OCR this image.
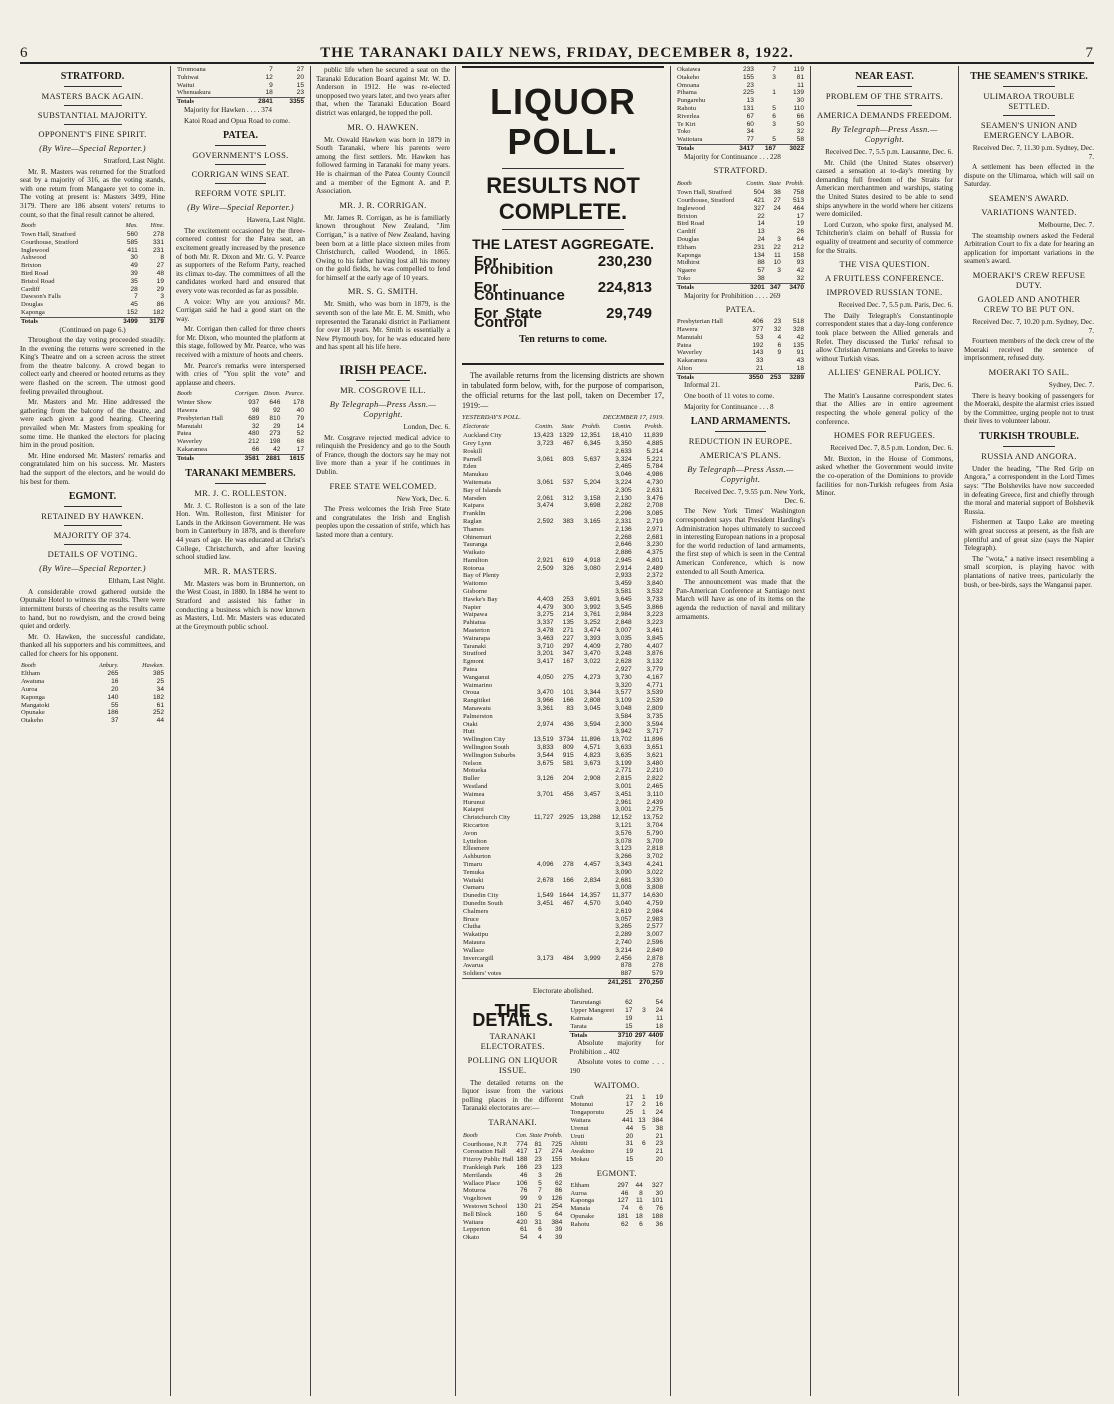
6	THE TARANAKI DAILY NEWS, FRIDAY, DECEMBER 8, 1922.	7
STRATFORD.
MASTERS BACK AGAIN.
SUBSTANTIAL MAJORITY.
OPPONENT'S FINE SPIRIT.
(By Wire—Special Reporter.)

Stratford, Last Night.

Mr. R. Masters was returned for the Stratford seat by a majority of 316, as the voting stands, with one return from Mangaere yet to come in. The voting at present is: Masters 3499, Hine 3179. There are 186 absent voters' returns to count, so that the final result cannot be altered.

Booth	Mas.	Hine.
Town Hall, Stratford	560	278
Courthouse, Stratford	585	331
Inglewood	411	231
Ashwood	30	8
Brixton	49	27
Bird Road	39	48
Bristol Road	35	19
Cardiff	28	29
Dawson's Falls	7	3
Douglas	45	86
Kaponga	152	182
Totals	3499	3179

(Continued on page 6.)

Throughout the day voting proceeded steadily. In the evening the returns were screened in the King's Theatre and on a screen across the street from the theatre balcony. A crowd began to collect early and cheered or hooted returns as they were flashed on the screen. The utmost good feeling prevailed throughout.

Mr. Masters and Mr. Hine addressed the gathering from the balcony of the theatre, and were each given a good hearing. Cheering prevailed when Mr. Masters from speaking for some time. He thanked the electors for placing him in the proud position.

Mr. Hine endorsed Mr. Masters' remarks and congratulated him on his success. Mr. Masters had the support of the electors, and he would do his best for them.

EGMONT.
RETAINED BY HAWKEN.
MAJORITY OF 374.
DETAILS OF VOTING.
(By Wire—Special Reporter.)

Eltham, Last Night.

A considerable crowd gathered outside the Opunake Hotel to witness the results. There were intermittent bursts of cheering as the results came to hand, but no rowdyism, and the crowd being quiet and orderly.

Mr. O. Hawken, the successful candidate, thanked all his supporters and his committees, and called for cheers for his opponent.

Booth	Anbury.	Hawken.
Eltham	265	385
Awatuna	16	25
Auroa	20	34
Kaponga	140	182
Mangatoki	55	61
Opunake	186	252
Otakeho	37	44
Tiromoana	7	27
Tuhiwai	12	20
Waitui	9	15
Whenuakura	18	23
Totals	2841	3355

Majority for Hawken . . . . 374

Katoi Road and Opua Road to come.

PATEA.
GOVERNMENT'S LOSS.
CORRIGAN WINS SEAT.
REFORM VOTE SPLIT.
(By Wire—Special Reporter.)

Hawera, Last Night.

The excitement occasioned by the three-cornered contest for the Patea seat, an excitement greatly increased by the presence of both Mr. R. Dixon and Mr. G. V. Pearce as supporters of the Reform Party, reached its climax to-day. The committees of all the candidates worked hard and ensured that every vote was recorded as far as possible.

A voice: Why are you anxious? Mr. Corrigan said he had a good start on the way.

Mr. Corrigan then called for three cheers for Mr. Dixon, who mounted the platform at this stage, followed by Mr. Pearce, who was received with a mixture of hoots and cheers.

Mr. Pearce's remarks were interspersed with cries of "You split the vote" and applause and cheers.

Booth	Corrigan.	Dixon.	Pearce.
Winter Show	937	646	178
Hawera	98	92	40
Presbyterian Hall	689	810	79
Manutahi	32	29	14
Patea	480	273	52
Waverley	212	198	68
Kakaramea	66	42	17
Totals	3581	2881	1615
TARANAKI MEMBERS.
MR. J. C. ROLLESTON.

Mr. J. C. Rolleston is a son of the late Hon. Wm. Rolleston, first Minister for Lands in the Atkinson Government. He was born in Canterbury in 1878, and is therefore 44 years of age. He was educated at Christ's College, Christchurch, and after leaving school studied law.

MR. R. MASTERS.

Mr. Masters was born in Brunnerton, on the West Coast, in 1880. In 1884 he went to Stratford and assisted his father in conducting a business which is now known as Masters, Ltd. Mr. Masters was educated at the Greymouth public school.

public life when he secured a seat on the Taranaki Education Board against Mr. W. D. Anderson in 1912. He was re-elected unopposed two years later, and two years after that, when the Taranaki Education Board district was enlarged, he topped the poll.

MR. O. HAWKEN.

Mr. Oswald Hawken was born in 1879 in South Taranaki, where his parents were among the first settlers. Mr. Hawken has followed farming in Taranaki for many years. He is chairman of the Patea County Council and a member of the Egmont A. and P. Association.

MR. J. R. CORRIGAN.

Mr. James R. Corrigan, as he is familiarly known throughout New Zealand, "Jim Corrigan," is a native of New Zealand, having been born at a little place sixteen miles from Christchurch, called Woodend, in 1865. Owing to his father having lost all his money on the gold fields, he was compelled to fend for himself at the early age of 10 years.

MR. S. G. SMITH.

Mr. Smith, who was born in 1879, is the seventh son of the late Mr. E. M. Smith, who represented the Taranaki district in Parliament for over 18 years. Mr. Smith is essentially a New Plymouth boy, for he was educated here and has spent all his life here.

IRISH PEACE.
MR. COSGROVE ILL.
By Telegraph—Press Assn.—Copyright.

London, Dec. 6.

Mr. Cosgrave rejected medical advice to relinquish the Presidency and go to the South of France, though the doctors say he may not live more than a year if he continues in Dublin.

FREE STATE WELCOMED.

New York, Dec. 6.

The Press welcomes the Irish Free State and congratulates the Irish and English peoples upon the cessation of strife, which has lasted more than a century.

LIQUOR POLL.
RESULTS NOT COMPLETE.
THE LATEST AGGREGATE.
For Prohibition
230,230
For Continuance
224,813
For State Control
29,749
Ten returns to come.

The available returns from the licensing districts are shown in tabulated form below, with, for the purpose of comparison, the official returns for the last poll, taken on December 17, 1919:—

YESTERDAY'S POLL.	DECEMBER 17, 1919.
Electorate	Contin.	State	Prohib.	Contin.	Prohib.
Auckland City	13,423	1329	12,351	18,410	11,839
Grey Lynn	3,723	467	6,345	3,350	4,885
Roskill				2,633	5,214
Parnell	3,061	803	5,637	3,324	5,221
Eden				2,465	5,784
Manukau				3,046	4,986
Waitemata	3,061	537	5,204	3,224	4,730
Bay of Islands				2,305	2,631
Marsden	2,061	312	3,158	2,130	3,476
Kaipara	3,474		3,698	2,282	2,708
Franklin				2,296	3,085
Raglan	2,592	383	3,165	2,331	2,719
Thames				2,136	2,971
Ohinemuri				2,268	2,681
Tauranga				2,646	3,230
Waikato				2,886	4,375
Hamilton	2,921	619	4,918	2,945	4,801
Rotorua	2,509	326	3,080	2,914	2,489
Bay of Plenty				2,933	2,372
Waitomo				3,459	3,840
Gisborne				3,581	3,532
Hawke's Bay	4,403	253	3,691	3,645	3,733
Napier	4,479	300	3,992	3,545	3,866
Waipawa	3,275	214	3,761	2,984	3,223
Pahiatua	3,337	135	3,252	2,848	3,223
Masterton	3,478	271	3,474	3,007	3,461
Wairarapa	3,463	227	3,393	3,035	3,845
Taranaki	3,710	297	4,409	2,780	4,407
Stratford	3,201	347	3,470	3,248	3,876
Egmont	3,417	167	3,022	2,628	3,132
Patea				2,927	3,779
Wanganui	4,050	275	4,273	3,730	4,167
Waimarino				3,320	4,771
Oroua	3,470	101	3,344	3,577	3,539
Rangitikei	3,966	166	2,808	3,109	2,539
Manawatu	3,361	83	3,045	3,048	2,809
Palmerston				3,584	3,735
Otaki	2,974	436	3,594	2,300	3,594
Hutt				3,942	3,717
Wellington City	13,519	3734	11,896	13,702	11,896
Wellington South	3,833	809	4,571	3,633	3,651
Wellington Suburbs	3,544	915	4,823	3,635	3,621
Nelson	3,675	581	3,673	3,199	3,480
Motueka				2,771	2,210
Buller	3,126	204	2,908	2,815	2,822
Westland				3,001	2,465
Waimea	3,701	456	3,457	3,451	3,110
Hurunui				2,961	2,439
Kaiapoi				3,001	2,275
Christchurch City	11,727	2925	13,288	12,152	13,752
Riccarton				3,121	3,704
Avon				3,576	5,790
Lyttelton				3,078	3,709
Ellesmere				3,123	2,818
Ashburton				3,266	3,702
Timaru	4,096	278	4,457	3,343	4,241
Temuka				3,090	3,022
Waitaki	2,678	166	2,834	2,681	3,330
Oamaru				3,008	3,808
Dunedin City	1,549	1644	14,357	11,377	14,630
Dunedin South	3,451	467	4,570	3,040	4,759
Chalmers				2,619	2,984
Bruce				3,057	2,983
Clutha				3,265	2,577
Wakatipu				2,289	3,007
Mataura				2,740	2,596
Wallace				3,214	2,849
Invercargill	3,173	484	3,999	2,456	2,878
Awarua				878	278
Soldiers' votes				887	579
				241,251	270,250

Electorate abolished.

THE DETAILS.
TARANAKI ELECTORATES.
POLLING ON LIQUOR ISSUE.

The detailed returns on the liquor issue from the various polling places in the different Taranaki electorates are:—

TARANAKI.
Booth	Con.	State	Prohib.
Courthouse, N.P.	774	81	725
Coronation Hall	417	17	274
Fitzroy Public Hall	188	23	155
Frankleigh Park	166	23	123
Merrilands	46	3	26
Wallace Place	106	5	62
Moturoa	76	7	86
Vogeltown	99	9	126
Westown School	130	21	254
Bell Block	160	5	64
Waitara	420	31	384
Lepperton	61	6	39
Okato	54	4	39
Tarurutangi	62		54
Upper Mangorei	17	3	24
Kaimata	19		11
Tarata	15		18
Totals	3710	297	4409

Absolute majority for Prohibition .. 402

Absolute votes to come . . . 190

WAITOMO.
Craft	21	1	19
Motunui	17	2	16
Tongaporutu	25	1	24
Waitara	441	13	384
Urenui	44	5	38
Uruti	20		21
Ahititi	31	6	23
Awakino	19		21
Mokau	15		20
EGMONT.
Eltham	297	44	327
Auroa	46	8	30
Kaponga	127	11	101
Manaia	74	6	76
Opunake	181	18	188
Rahotu	62	6	36
Okaiawa	233	7	119
Otakeho	155	3	81
Omoana	23		11
Pihama	225	1	139
Pungarehu	13		30
Rahotu	131	5	110
Riverlea	67	6	66
Te Kiri	60	3	50
Toko	34		32
Waitotara	77	5	58
Totals	3417	167	3022

Majority for Continuance . . . 228

STRATFORD.
Booth	Contin.	State	Prohib.
Town Hall, Stratford	504	38	758
Courthouse, Stratford	421	27	513
Inglewood	327	24	464
Brixton	22		17
Bird Road	14		19
Cardiff	13		26
Douglas	24	3	64
Eltham	231	22	212
Kaponga	134	11	158
Midhirst	88	10	93
Ngaere	57	3	42
Toko	38		32
Totals	3201	347	3470

Majority for Prohibition . . . . 269

PATEA.
Presbyterian Hall	406	23	518
Hawera	377	32	328
Manutahi	53	4	42
Patea	192	6	135
Waverley	143	9	91
Kakaramea	33		43
Alton	21		18
Totals	3550	253	3289

Informal 21.

One booth of 11 votes to come.

Majority for Continuance . . . 8

LAND ARMAMENTS.
REDUCTION IN EUROPE.
AMERICA'S PLANS.
By Telegraph—Press Assn.—Copyright.

Received Dec. 7, 9.55 p.m. New York, Dec. 6.

The New York Times' Washington correspondent says that President Harding's Administration hopes ultimately to succeed in interesting European nations in a proposal for the world reduction of land armaments, the first step of which is seen in the Central American Conference, which is now extended to all South America.

The announcement was made that the Pan-American Conference at Santiago next March will have as one of its items on the agenda the reduction of naval and military armaments.

NEAR EAST.
PROBLEM OF THE STRAITS.
AMERICA DEMANDS FREEDOM.
By Telegraph—Press Assn.—Copyright.

Received Dec. 7, 5.5 p.m. Lausanne, Dec. 6.

Mr. Child (the United States observer) caused a sensation at to-day's meeting by demanding full freedom of the Straits for American merchantmen and warships, stating the United States desired to be able to send ships anywhere in the world where her citizens were domiciled.

Lord Curzon, who spoke first, analysed M. Tchitcherin's claim on behalf of Russia for equality of treatment and security of commerce for the Straits.

THE VISA QUESTION.
A FRUITLESS CONFERENCE.
IMPROVED RUSSIAN TONE.

Received Dec. 7, 5.5 p.m. Paris, Dec. 6.

The Daily Telegraph's Constantinople correspondent states that a day-long conference took place between the Allied generals and Refet. They discussed the Turks' refusal to allow Christian Armenians and Greeks to leave without Turkish visas.

ALLIES' GENERAL POLICY.

Paris, Dec. 6.

The Matin's Lausanne correspondent states that the Allies are in entire agreement respecting the whole general policy of the conference.

HOMES FOR REFUGEES.

Received Dec. 7, 8.5 p.m. London, Dec. 6.

Mr. Buxton, in the House of Commons, asked whether the Government would invite the co-operation of the Dominions to provide facilities for non-Turkish refugees from Asia Minor.

THE SEAMEN'S STRIKE.
ULIMAROA TROUBLE SETTLED.
SEAMEN'S UNION AND EMERGENCY LABOR.

Received Dec. 7, 11.30 p.m. Sydney, Dec. 7.

A settlement has been effected in the dispute on the Ulimaroa, which will sail on Saturday.

SEAMEN'S AWARD.
VARIATIONS WANTED.

Melbourne, Dec. 7.

The steamship owners asked the Federal Arbitration Court to fix a date for hearing an application for important variations in the seamen's award.

MOERAKI'S CREW REFUSE DUTY.
GAOLED AND ANOTHER CREW TO BE PUT ON.

Received Dec. 7, 10.20 p.m. Sydney, Dec. 7.

Fourteen members of the deck crew of the Moeraki received the sentence of imprisonment, refused duty.

MOERAKI TO SAIL.

Sydney, Dec. 7.

There is heavy booking of passengers for the Moeraki, despite the alarmist cries issued by the Committee, urging people not to trust their lives to volunteer labour.

TURKISH TROUBLE.
RUSSIA AND ANGORA.

Under the heading, "The Red Grip on Angora," a correspondent in the Lord Times says: "The Bolsheviks have now succeeded in defeating Greece, first and chiefly through the moral and material support of Bolshevik Russia.

Fishermen at Taupo Lake are meeting with great success at present, as the fish are plentiful and of great size (says the Napier Telegraph).

The "wota," a native insect resembling a small scorpion, is playing havoc with plantations of native trees, particularly the bush, or bee-birds, says the Wanganui paper.
